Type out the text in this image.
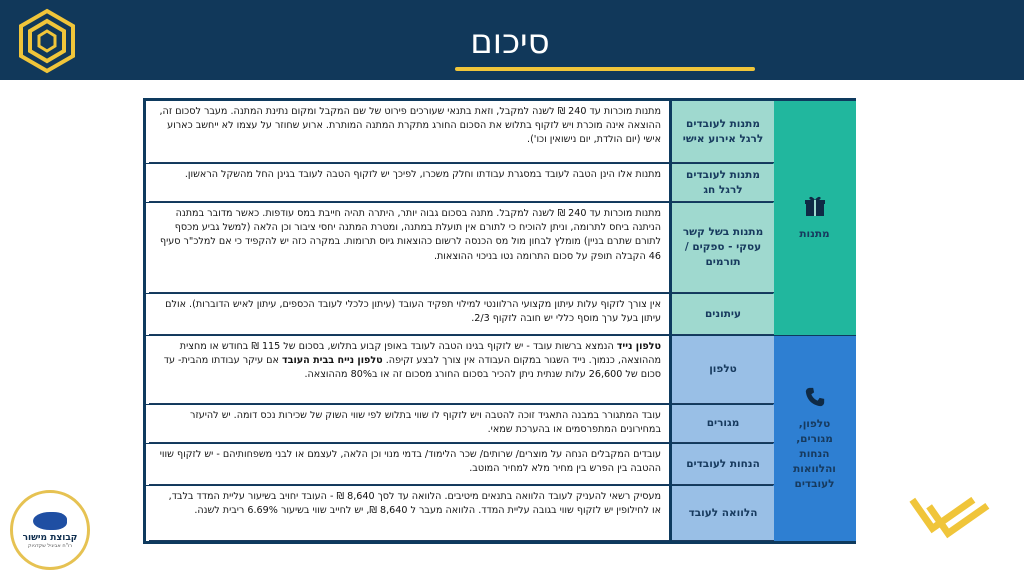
סיכום
מתנות
טלפון, מגורים, הנחות והלוואות לעובדים
מתנות לעובדים לרגל אירוע אישי
מתנות מוכרות עד 240 ₪ לשנה למקבל, וזאת בתנאי שעורכים פירוט של שם המקבל ומקום נתינת המתנה. מעבר לסכום זה, ההוצאה אינה מוכרת ויש לזקוף בתלוש את הסכום החורג מתקרת המתנה המותרת. ארוע שחוזר על עצמו לא ייחשב כארוע אישי (יום הולדת, יום נישואין וכו').
מתנות לעובדים לרגל חג
מתנות אלו הינן הטבה לעובד במסגרת עבודתו וחלק משכרו, לפיכך יש לזקוף הטבה לעובד בגינן החל מהשקל הראשון.
מתנות בשל קשר עסקי - ספקים / תורמים
מתנות מוכרות עד 240 ₪ לשנה למקבל. מתנה בסכום גבוה יותר, היתרה תהיה חייבת במס עודפות. כאשר מדובר במתנה הניתנה ביחס לתרומה, וניתן להוכיח כי לתורם אין תועלת במתנה, ומטרת המתנה יחסי ציבור וכן הלאה (למשל גביע מכסף לתורם שתרם בניין) מומלץ לבחון מול מס הכנסה לרשום כהוצאות גיוס תרומות. במקרה כזה יש להקפיד כי אם למלכ"ר סעיף 46 הקבלה תופק על סכום התרומה נטו בניכוי ההוצאות.
עיתונים
אין צורך לזקוף עלות עיתון מקצועי הרלוונטי למילוי תפקיד העובד (עיתון כלכלי לעובד הכספים, עיתון לאיש הדוברות). אולם עיתון בעל ערך מוסף כללי יש חובה לזקוף 2/3.
טלפון
טלפון נייד הנמצא ברשות עובד - יש לזקוף בגינו הטבה לעובד באופן קבוע בתלוש, בסכום של 115 ₪ בחודש או מחצית מההוצאה, כנמוך. נייד השגור במקום העבודה אין צורך לבצע זקיפה. טלפון נייח בבית העובד אם עיקר עבודתו מהבית- עד סכום של 26,600 עלות שנתית ניתן להכיר בסכום החורג מסכום זה או ב80% מההוצאה.
מגורים
עובד המתגורר במבנה התאגיד זוכה להטבה ויש לזקוף לו שווי בתלוש לפי שווי השוק של שכירות נכס דומה. יש להיעזר במחירונים המתפרסמים או בהערכת שמאי.
הנחות לעובדים
עובדים המקבלים הנחה על מוצרים/ שרותים/ שכר הלימוד/ בדמי מנוי וכן הלאה, לעצמם או לבני משפחותיהם - יש לזקוף שווי ההטבה בין הפרש בין מחיר מלא למחיר המוטב.
הלוואה לעובד
מעסיק רשאי להעניק לעובד הלוואה בתנאים מיטיבים. הלוואה עד לסך 8,640 ₪ - העובד יחויב בשיעור עליית המדד בלבד, או לחילופין יש לזקוף שווי בגובה עליית המדד. הלוואה מעבר ל 8,640 ₪, יש לחייב שווי בשיעור 6.69% ריבית לשנה.
קבוצת מישור
רו"ח אביגיל שקדניוק
